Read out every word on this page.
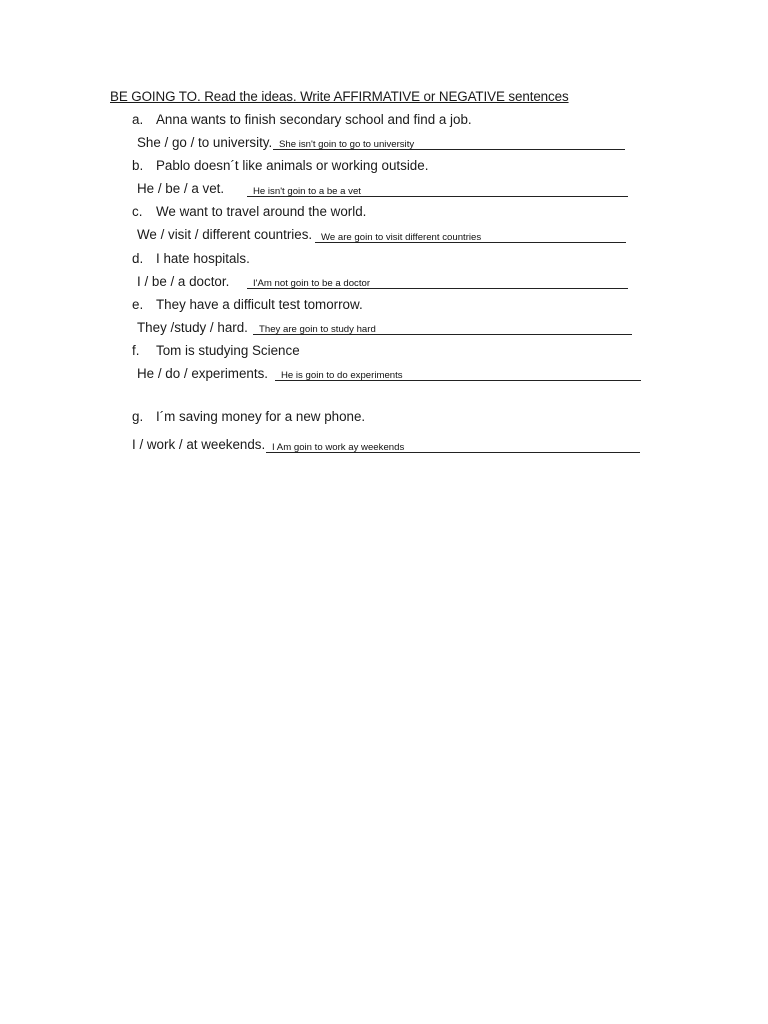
BE GOING TO. Read the ideas. Write AFFIRMATIVE or NEGATIVE sentences
a. Anna wants to finish secondary school and find a job.
She / go / to university. She isn't goin to go to university
b. Pablo doesn´t like animals or working outside.
He / be / a vet.	He isn't goin to a be a vet
c. We want to travel around the world.
We / visit / different countries. We are goin to visit different countries
d. I hate hospitals.
I / be / a doctor. I'Am not goin to be a doctor
e. They have a difficult test tomorrow.
They /study / hard. They are goin to study hard
f. Tom is studying Science
He / do / experiments. He is goin to do experiments
g. I´m saving money for a new phone.
I / work / at weekends. I Am goin to work ay weekends
